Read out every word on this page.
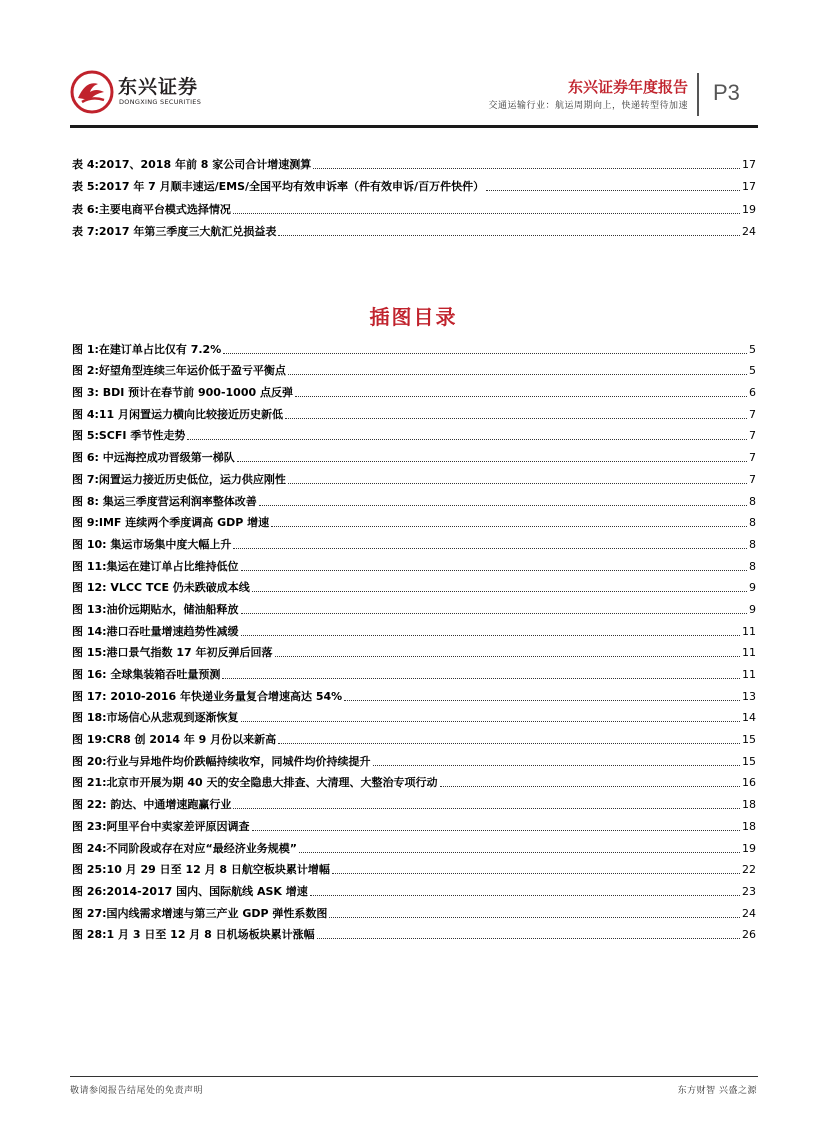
东兴证券
DONGXING SECURITIES
东兴证券年度报告
交通运输行业：航运周期向上，快递转型待加速
P3
表 4:2017、2018 年前 8 家公司合计增速测算	17
表 5:2017 年 7 月顺丰速运/EMS/全国平均有效申诉率（件有效申诉/百万件快件）	17
表 6:主要电商平台模式选择情况	19
表 7:2017 年第三季度三大航汇兑损益表	24
插图目录
图 1:在建订单占比仅有 7.2%	5
图 2:好望角型连续三年运价低于盈亏平衡点	5
图 3: BDI 预计在春节前 900-1000 点反弹	6
图 4:11 月闲置运力横向比较接近历史新低	7
图 5:SCFI 季节性走势	7
图 6: 中远海控成功晋级第一梯队	7
图 7:闲置运力接近历史低位，运力供应刚性	7
图 8: 集运三季度营运利润率整体改善	8
图 9:IMF 连续两个季度调高 GDP 增速	8
图 10: 集运市场集中度大幅上升	8
图 11:集运在建订单占比维持低位	8
图 12: VLCC TCE 仍未跌破成本线	9
图 13:油价远期贴水，储油船释放	9
图 14:港口吞吐量增速趋势性减缓	11
图 15:港口景气指数 17 年初反弹后回落	11
图 16: 全球集装箱吞吐量预测	11
图 17: 2010-2016 年快递业务量复合增速高达 54%	13
图 18:市场信心从悲观到逐渐恢复	14
图 19:CR8 创 2014 年 9 月份以来新高	15
图 20:行业与异地件均价跌幅持续收窄，同城件均价持续提升	15
图 21:北京市开展为期 40 天的安全隐患大排查、大清理、大整治专项行动	16
图 22: 韵达、中通增速跑赢行业	18
图 23:阿里平台中卖家差评原因调查	18
图 24:不同阶段或存在对应“最经济业务规模”	19
图 25:10 月 29 日至 12 月 8 日航空板块累计增幅	22
图 26:2014-2017 国内、国际航线 ASK 增速	23
图 27:国内线需求增速与第三产业 GDP 弹性系数图	24
图 28:1 月 3 日至 12 月 8 日机场板块累计涨幅	26
敬请参阅报告结尾处的免责声明	东方财智 兴盛之源
